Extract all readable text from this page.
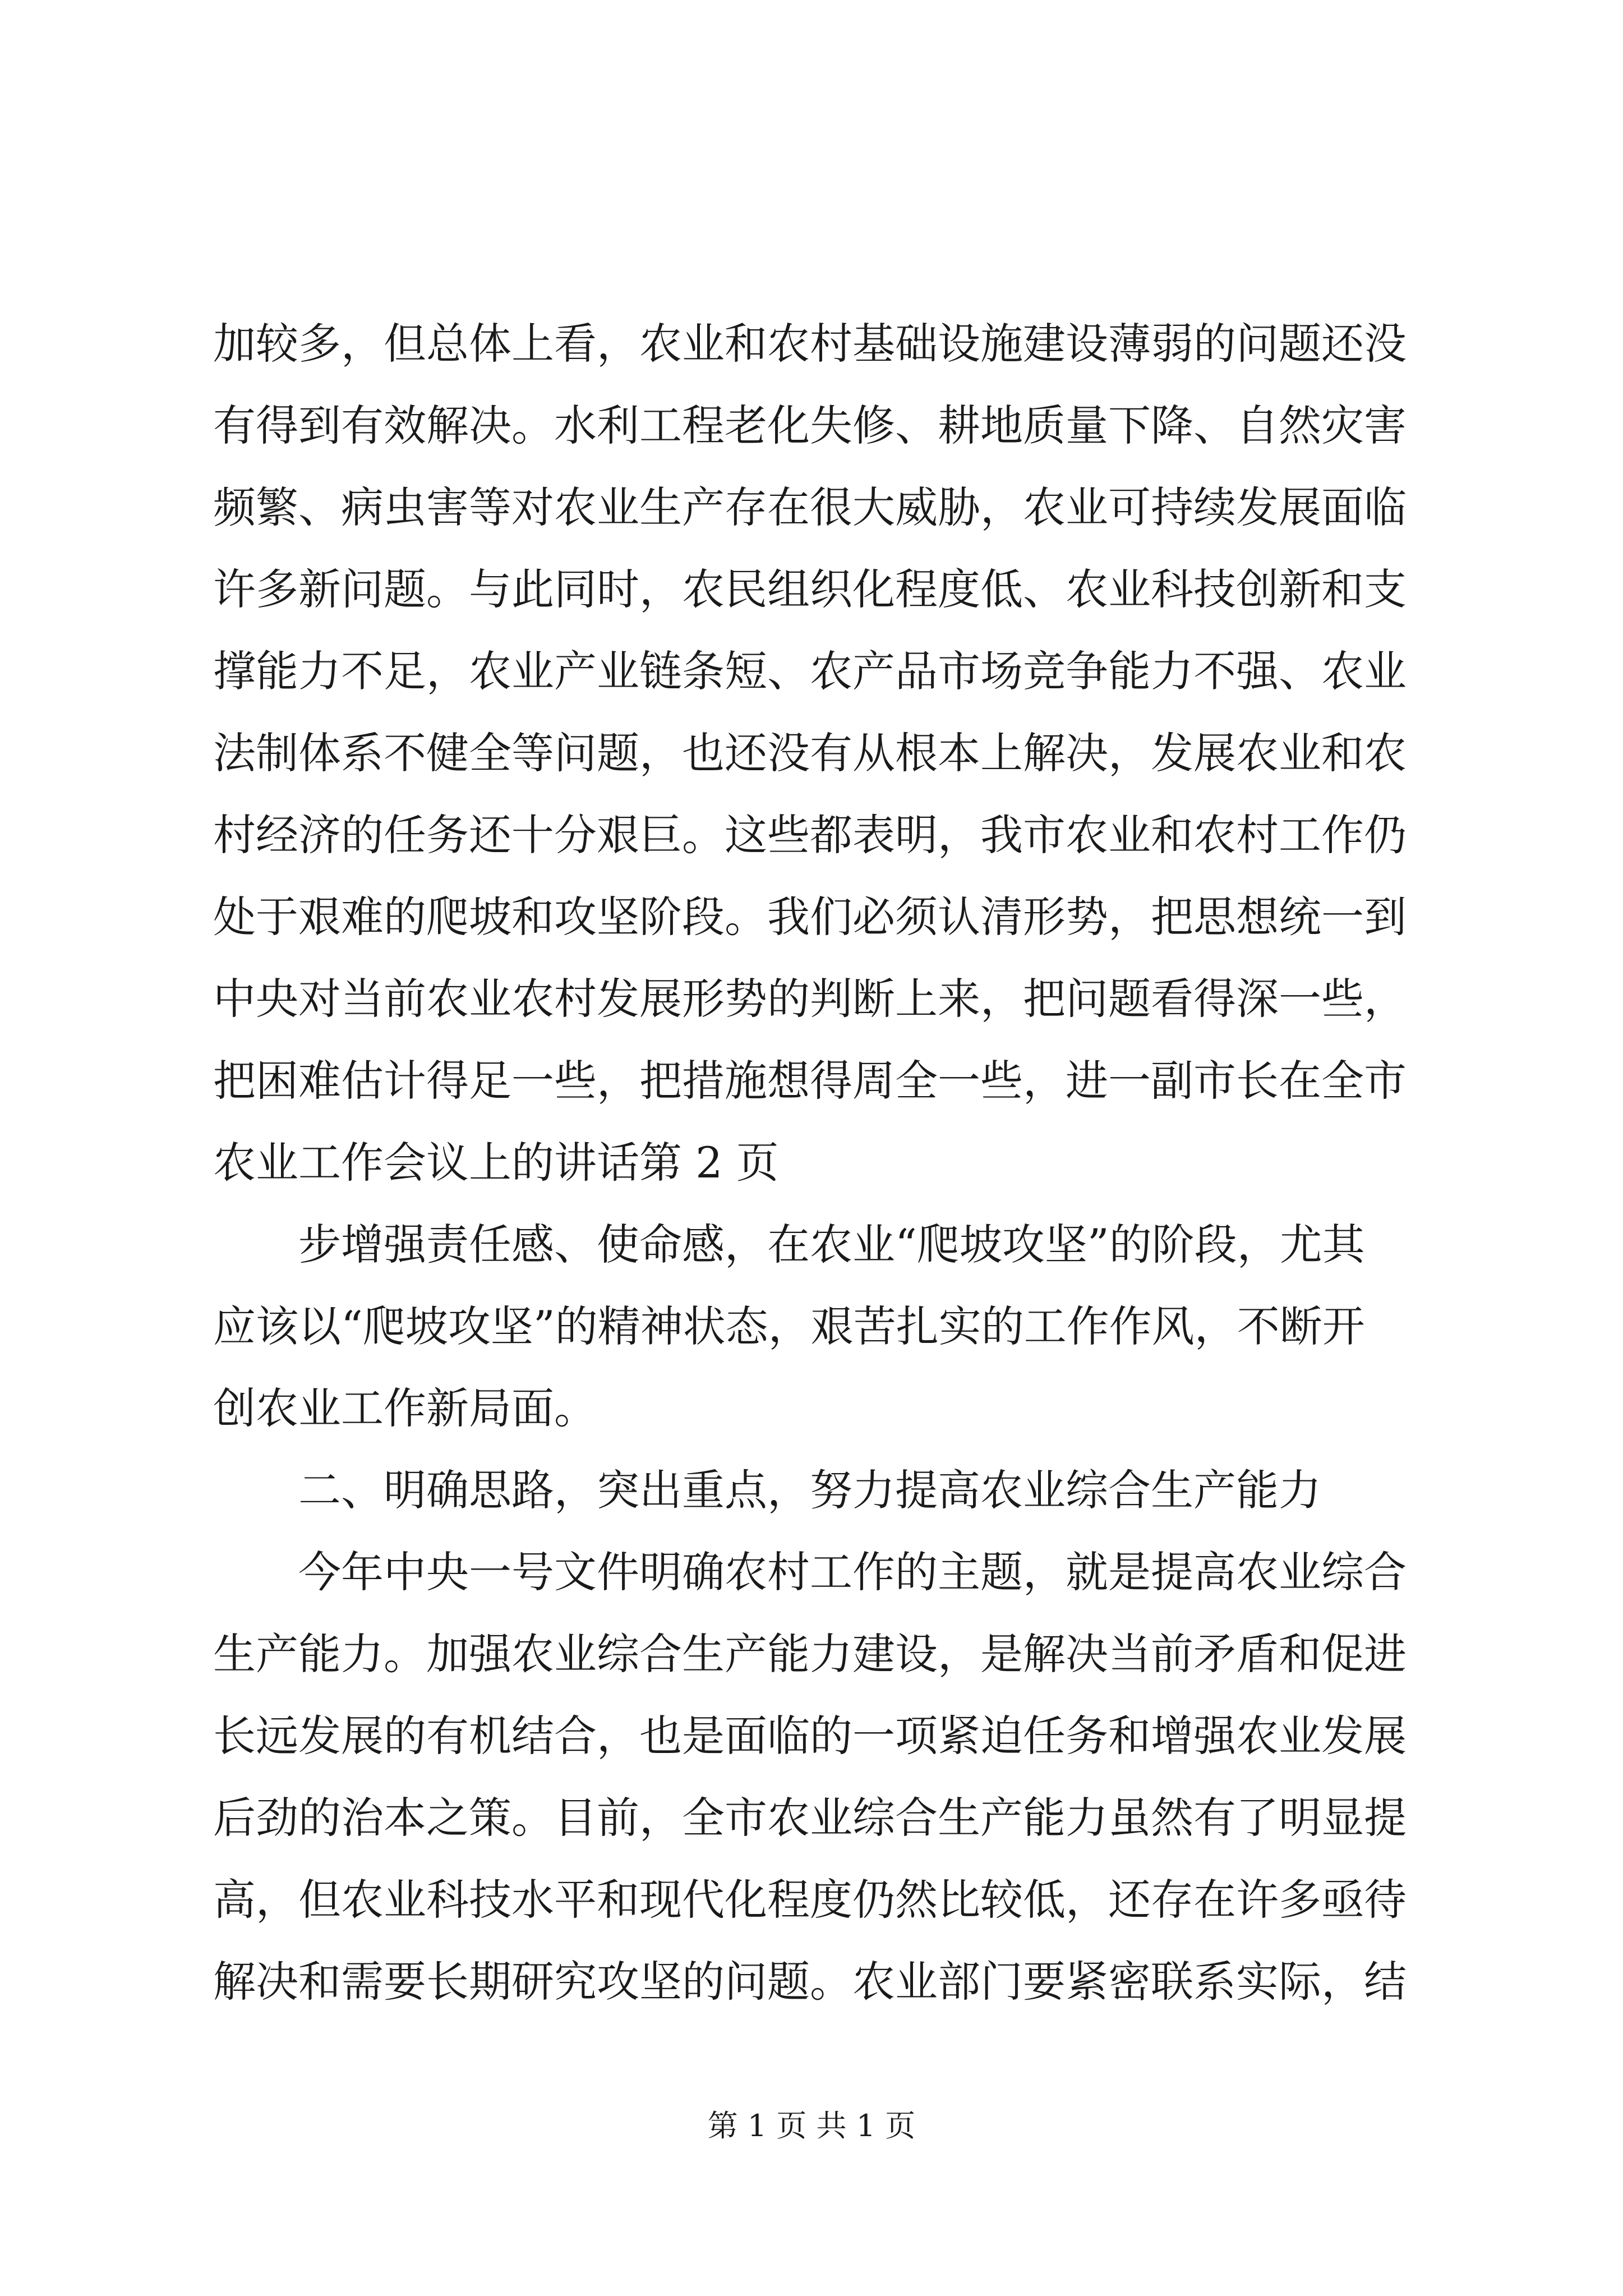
加较多，但总体上看，农业和农村基础设施建设薄弱的问题还没
有得到有效解决。水利工程老化失修、耕地质量下降、自然灾害
频繁、病虫害等对农业生产存在很大威胁，农业可持续发展面临
许多新问题。与此同时，农民组织化程度低、农业科技创新和支
撑能力不足，农业产业链条短、农产品市场竞争能力不强、农业
法制体系不健全等问题，也还没有从根本上解决，发展农业和农
村经济的任务还十分艰巨。这些都表明，我市农业和农村工作仍
处于艰难的爬坡和攻坚阶段。我们必须认清形势，把思想统一到
中央对当前农业农村发展形势的判断上来，把问题看得深一些，
把困难估计得足一些，把措施想得周全一些，进一副市长在全市
农业工作会议上的讲话第 2 页
步增强责任感、使命感，在农业“爬坡攻坚”的阶段，尤其
应该以“爬坡攻坚”的精神状态，艰苦扎实的工作作风，不断开
创农业工作新局面。
二、明确思路，突出重点，努力提高农业综合生产能力
今年中央一号文件明确农村工作的主题，就是提高农业综合
生产能力。加强农业综合生产能力建设，是解决当前矛盾和促进
长远发展的有机结合，也是面临的一项紧迫任务和增强农业发展
后劲的治本之策。目前，全市农业综合生产能力虽然有了明显提
高，但农业科技水平和现代化程度仍然比较低，还存在许多亟待
解决和需要长期研究攻坚的问题。农业部门要紧密联系实际，结
第 1 页 共 1 页
